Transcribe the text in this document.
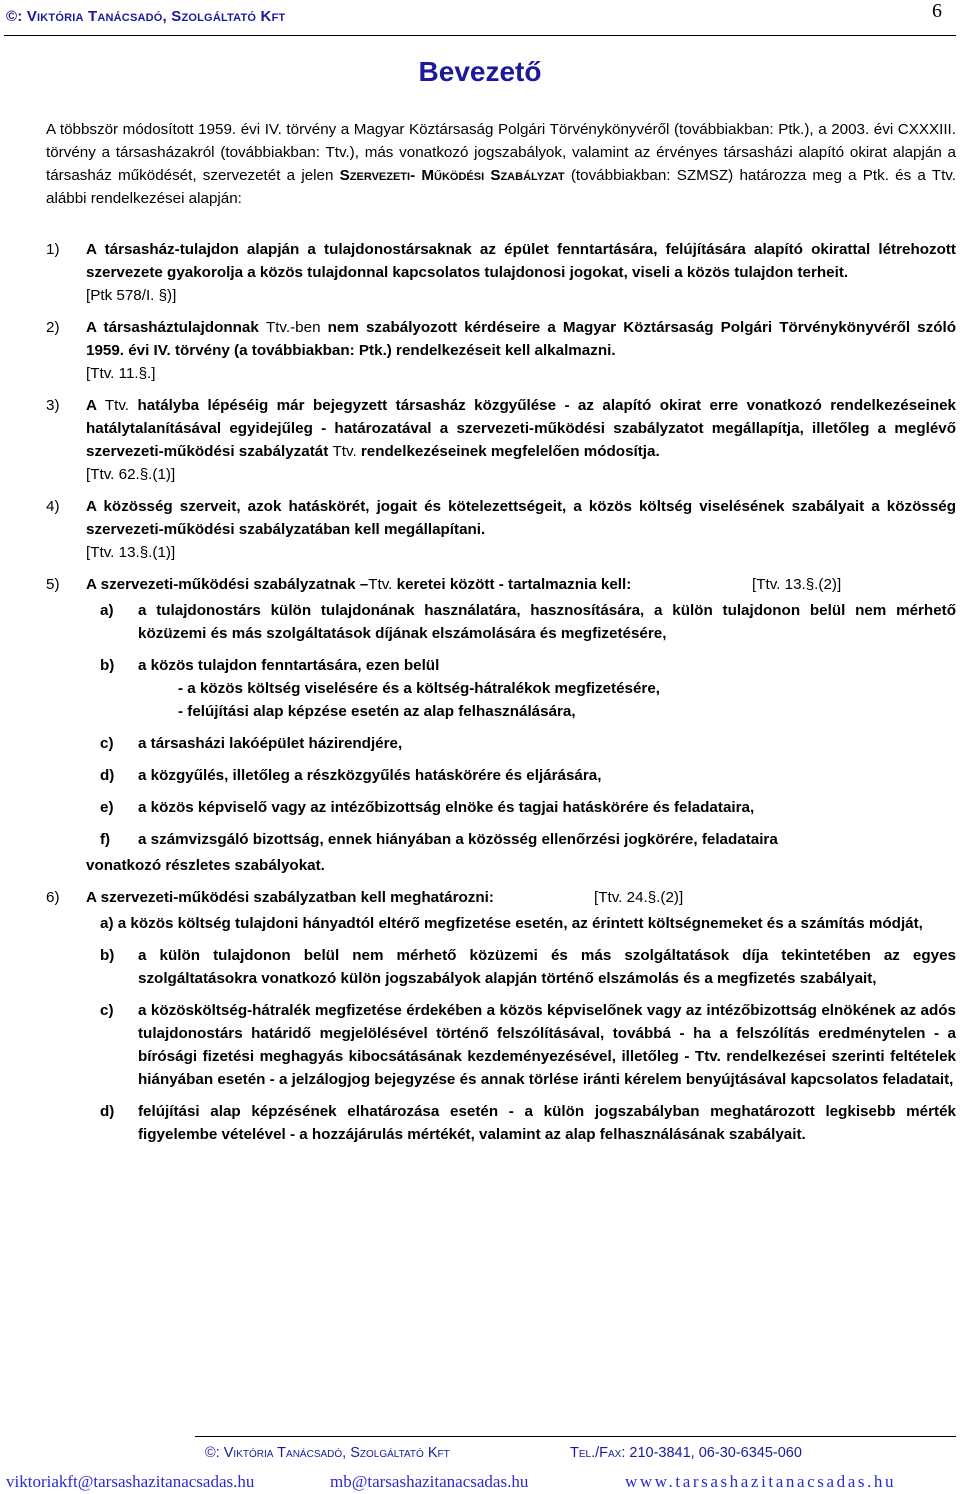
©: Viktória Tanácsadó, Szolgáltató Kft	6
Bevezető
A többször módosított 1959. évi IV. törvény a Magyar Köztársaság Polgári Törvénykönyvéről (továbbiakban: Ptk.), a 2003. évi CXXXIII. törvény a társasházakról (továbbiakban: Ttv.), más vonatkozó jogszabályok, valamint az érvényes társasházi alapító okirat alapján a társasház működését, szervezetét a jelen Szervezeti- Működési Szabályzat (továbbiakban: SZMSZ) határozza meg a Ptk. és a Ttv. alábbi rendelkezései alapján:
1) A társasház-tulajdon alapján a tulajdonostársaknak az épület fenntartására, felújítására alapító okirattal létrehozott szervezete gyakorolja a közös tulajdonnal kapcsolatos tulajdonosi jogokat, viseli a közös tulajdon terheit.
[Ptk 578/I. §)]
2) A társasháztulajdonnak Ttv.-ben nem szabályozott kérdéseire a Magyar Köztársaság Polgári Törvénykönyvéről szóló 1959. évi IV. törvény (a továbbiakban: Ptk.) rendelkezéseit kell alkalmazni.
[Ttv. 11.§.]
3) A Ttv. hatályba lépéséig már bejegyzett társasház közgyűlése - az alapító okirat erre vonatkozó rendelkezéseinek hatálytalanításával egyidejűleg - határozatával a szervezeti-működési szabályzatot megállapítja, illetőleg a meglévő szervezeti-működési szabályzatát Ttv. rendelkezéseinek megfelelően módosítja.
[Ttv. 62.§.(1)]
4) A közösség szerveit, azok hatáskörét, jogait és kötelezettségeit, a közös költség viselésének szabályait a közösség szervezeti-működési szabályzatában kell megállapítani.
[Ttv. 13.§.(1)]
5) A szervezeti-működési szabályzatnak –Ttv. keretei között - tartalmaznia kell:	[Ttv. 13.§.(2)]
a) a tulajdonostárs külön tulajdonának használatára, hasznosítására, a külön tulajdonon belül nem mérhető közüzemi és más szolgáltatások díjának elszámolására és megfizetésére,
b) a közös tulajdon fenntartására, ezen belül
- a közös költség viselésére és a költség-hátralékok megfizetésére,
- felújítási alap képzése esetén az alap felhasználására,
c) a társasházi lakóépület házirendjére,
d) a közgyűlés, illetőleg a részközgyűlés hatáskörére és eljárására,
e) a közös képviselő vagy az intézőbizottság elnöke és tagjai hatáskörére és feladataira,
f) a számvizsgáló bizottság, ennek hiányában a közösség ellenőrzési jogkörére, feladataira
vonatkozó részletes szabályokat.
6) A szervezeti-működési szabályzatban kell meghatározni:	[Ttv. 24.§.(2)]
a) a közös költség tulajdoni hányadtól eltérő megfizetése esetén, az érintett költségnemeket és a számítás módját,
b) a külön tulajdonon belül nem mérhető közüzemi és más szolgáltatások díja tekintetében az egyes szolgáltatásokra vonatkozó külön jogszabályok alapján történő elszámolás és a megfizetés szabályait,
c) a közösköltség-hátralék megfizetése érdekében a közös képviselőnek vagy az intézőbizottság elnökének az adós tulajdonostárs határidő megjelölésével történő felszólításával, továbbá - ha a felszólítás eredménytelen - a bírósági fizetési meghagyás kibocsátásának kezdeményezésével, illetőleg - Ttv. rendelkezései szerinti feltételek hiányában esetén - a jelzálogjog bejegyzése és annak törlése iránti kérelem benyújtásával kapcsolatos feladatait,
d) felújítási alap képzésének elhatározása esetén - a külön jogszabályban meghatározott legkisebb mérték figyelembe vételével - a hozzájárulás mértékét, valamint az alap felhasználásának szabályait.
©: Viktória Tanácsadó, Szolgáltató Kft	Tel./Fax: 210-3841, 06-30-6345-060
viktoriakft@tarsashazitanacsadas.hu	mb@tarsashazitanacsadas.hu	www.tarsashazitanacsadas.hu
